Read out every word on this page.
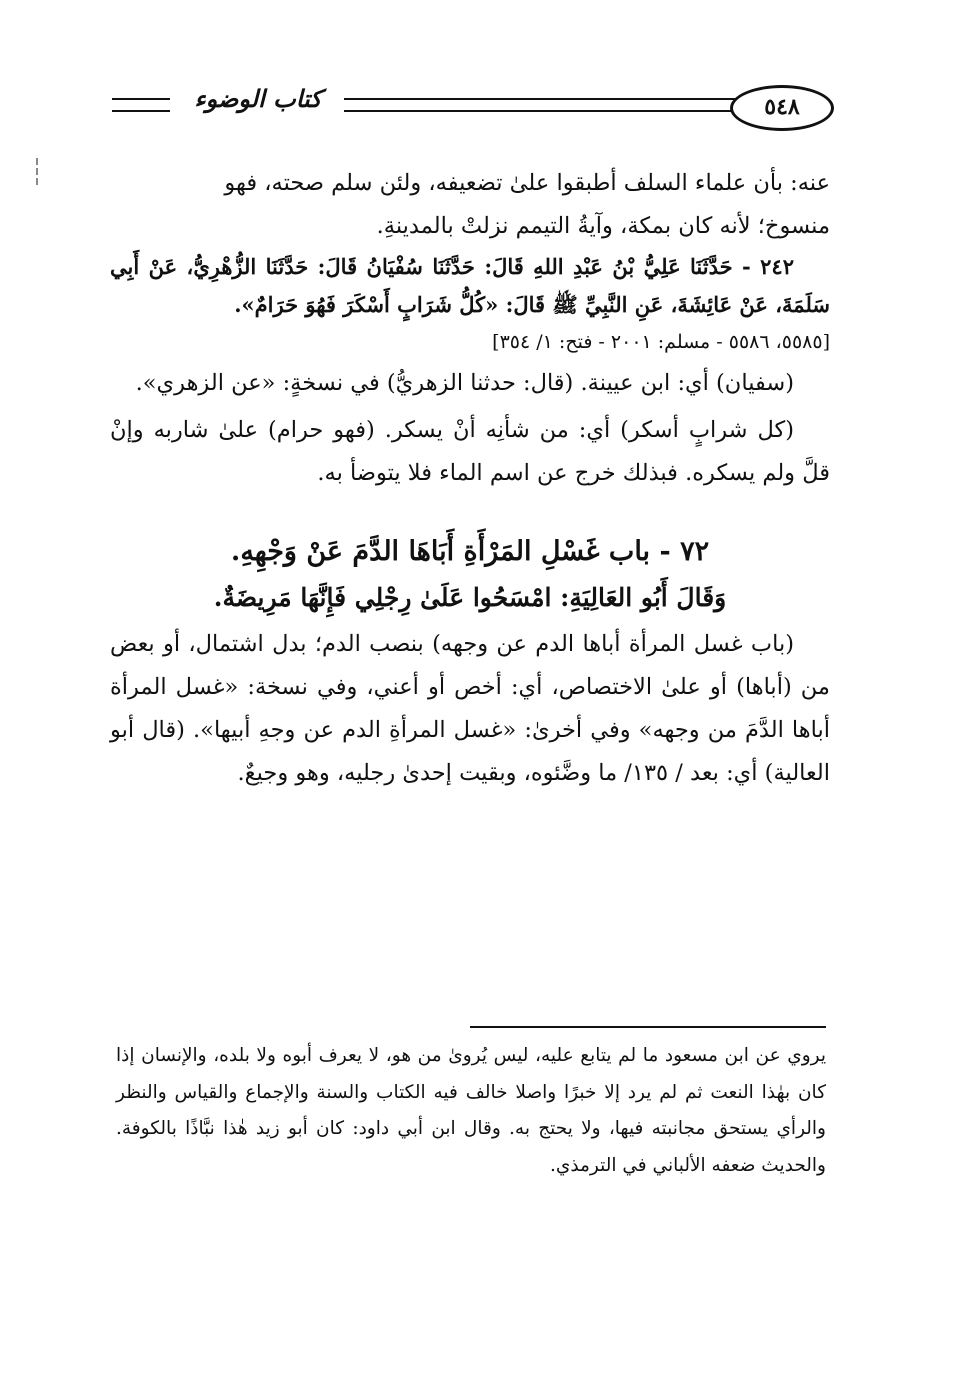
كتاب الوضوء	٥٤٨

عنه: بأن علماء السلف أطبقوا علىٰ تضعيفه، ولئن سلم صحته، فهو

منسوخ؛ لأنه كان بمكة، وآيةُ التيمم نزلتْ بالمدينةِ.

٢٤٢ - حَدَّثَنَا عَلِيُّ بْنُ عَبْدِ اللهِ قَالَ: حَدَّثَنَا سُفْيَانُ قَالَ: حَدَّثَنَا الزُّهْرِيُّ، عَنْ أَبِي سَلَمَةَ، عَنْ عَائِشَةَ، عَنِ النَّبِيِّ ﷺ قَالَ: «كُلُّ شَرَابٍ أَسْكَرَ فَهُوَ حَرَامٌ».

[٥٥٨٥، ٥٥٨٦ - مسلم: ٢٠٠١ - فتح: ١/ ٣٥٤]

(سفيان) أي: ابن عيينة. (قال: حدثنا الزهريُّ) في نسخةٍ: «عن الزهري».

(كل شرابٍ أسكر) أي: من شأنِه أنْ يسكر. (فهو حرام) علىٰ شاربه وإنْ قلَّ ولم يسكره. فبذلك خرج عن اسم الماء فلا يتوضأ به.

٧٢ - باب غَسْلِ المَرْأَةِ أَبَاهَا الدَّمَ عَنْ وَجْهِهِ.

وَقَالَ أَبُو العَالِيَةِ: امْسَحُوا عَلَىٰ رِجْلِي فَإِنَّهَا مَرِيضَةٌ.

(باب غسل المرأة أباها الدم عن وجهه) بنصب الدم؛ بدل اشتمال، أو بعض من (أباها) أو علىٰ الاختصاص، أي: أخص أو أعني، وفي نسخة: «غسل المرأة أباها الدَّمَ من وجهه» وفي أخرىٰ: «غسل المرأةِ الدم عن وجهِ أبيها». (قال أبو العالية) أي: بعد / ١٣٥/ ما وضَّئوه، وبقيت إحدىٰ رجليه، وهو وجيعٌ.

يروي عن ابن مسعود ما لم يتابع عليه، ليس يُروىٰ من هو، لا يعرف أبوه ولا بلده، والإنسان إذا كان بهٰذا النعت ثم لم يرد إلا خبرًا واصلا خالف فيه الكتاب والسنة والإجماع والقياس والنظر والرأي يستحق مجانبته فيها، ولا يحتج به. وقال ابن أبي داود: كان أبو زيد هٰذا نبَّاذًا بالكوفة. والحديث ضعفه الألباني في الترمذي.
